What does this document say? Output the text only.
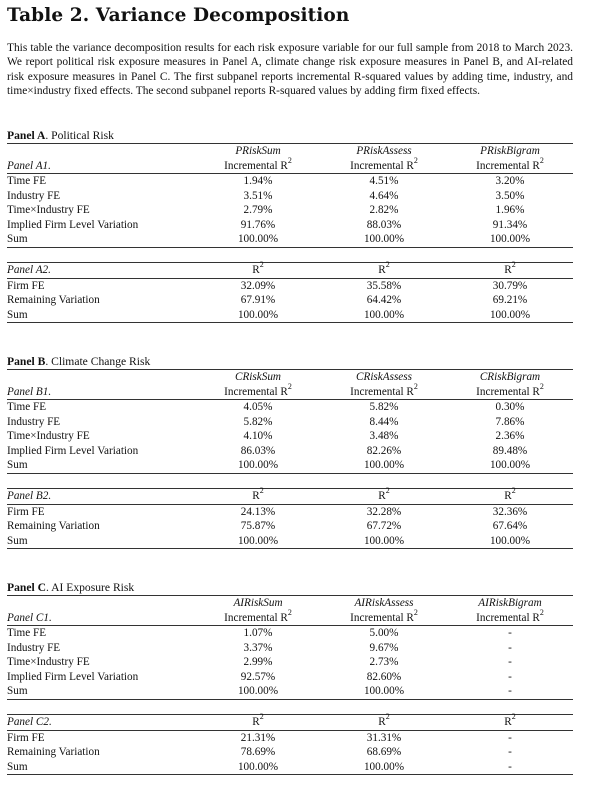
Table 2. Variance Decomposition
This table the variance decomposition results for each risk exposure variable for our full sample from 2018 to March 2023. We report political risk exposure measures in Panel A, climate change risk exposure measures in Panel B, and AI-related risk exposure measures in Panel C. The first subpanel reports incremental R-squared values by adding time, industry, and time×industry fixed effects. The second subpanel reports R-squared values by adding firm fixed effects.
Panel A. Political Risk
	PRiskSum	PRiskAssess	PRiskBigram
Panel A1.	Incremental $R^2$	Incremental $R^2$	Incremental $R^2$
Time FE	1.94%	4.51%	3.20%
Industry FE	3.51%	4.64%	3.50%
Time×Industry FE	2.79%	2.82%	1.96%
Implied Firm Level Variation	91.76%	88.03%	91.34%
Sum	100.00%	100.00%	100.00%

Panel A2.	$R^2$	$R^2$	$R^2$
Firm FE	32.09%	35.58%	30.79%
Remaining Variation	67.91%	64.42%	69.21%
Sum	100.00%	100.00%	100.00%
Panel B. Climate Change Risk
	CRiskSum	CRiskAssess	CRiskBigram
Panel B1.	Incremental $R^2$	Incremental $R^2$	Incremental $R^2$
Time FE	4.05%	5.82%	0.30%
Industry FE	5.82%	8.44%	7.86%
Time×Industry FE	4.10%	3.48%	2.36%
Implied Firm Level Variation	86.03%	82.26%	89.48%
Sum	100.00%	100.00%	100.00%

Panel B2.	$R^2$	$R^2$	$R^2$
Firm FE	24.13%	32.28%	32.36%
Remaining Variation	75.87%	67.72%	67.64%
Sum	100.00%	100.00%	100.00%
Panel C. AI Exposure Risk
	AIRiskSum	AIRiskAssess	AIRiskBigram
Panel C1.	Incremental $R^2$	Incremental $R^2$	Incremental $R^2$
Time FE	1.07%	5.00%	-
Industry FE	3.37%	9.67%	-
Time×Industry FE	2.99%	2.73%	-
Implied Firm Level Variation	92.57%	82.60%	-
Sum	100.00%	100.00%	-

Panel C2.	$R^2$	$R^2$	$R^2$
Firm FE	21.31%	31.31%	-
Remaining Variation	78.69%	68.69%	-
Sum	100.00%	100.00%	-
